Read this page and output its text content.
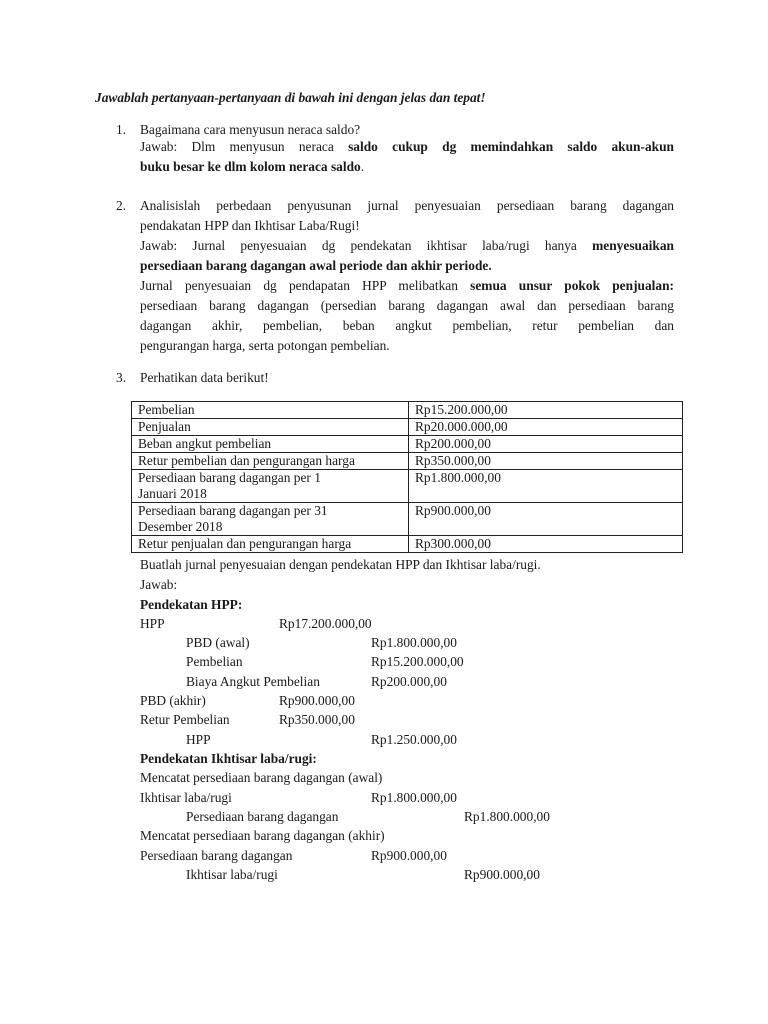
Jawablah pertanyaan-pertanyaan di bawah ini dengan jelas dan tepat!
1. Bagaimana cara menyusun neraca saldo?
Jawab: Dlm menyusun neraca saldo cukup dg memindahkan saldo akun-akun
buku besar ke dlm kolom neraca saldo.
2. Analisislah perbedaan penyusunan jurnal penyesuaian persediaan barang dagangan
pendakatan HPP dan Ikhtisar Laba/Rugi!
Jawab: Jurnal penyesuaian dg pendekatan ikhtisar laba/rugi hanya menyesuaikan
persediaan barang dagangan awal periode dan akhir periode.
Jurnal penyesuaian dg pendapatan HPP melibatkan semua unsur pokok penjualan:
persediaan barang dagangan (persedian barang dagangan awal dan persediaan barang
dagangan akhir, pembelian, beban angkut pembelian, retur pembelian dan
pengurangan harga, serta potongan pembelian.
3. Perhatikan data berikut!
Pembelian	Rp15.200.000,00
Penjualan	Rp20.000.000,00
Beban angkut pembelian	Rp200.000,00
Retur pembelian dan pengurangan harga	Rp350.000,00
Persediaan barang dagangan per 1
Januari 2018	Rp1.800.000,00
Persediaan barang dagangan per 31
Desember 2018	Rp900.000,00
Retur penjualan dan pengurangan harga	Rp300.000,00
Buatlah jurnal penyesuaian dengan pendekatan HPP dan Ikhtisar laba/rugi.
Jawab:
Pendekatan HPP:
HPP	Rp17.200.000,00
PBD (awal)	Rp1.800.000,00
Pembelian	Rp15.200.000,00
Biaya Angkut Pembelian	Rp200.000,00
PBD (akhir)	Rp900.000,00
Retur Pembelian	Rp350.000,00
HPP	Rp1.250.000,00
Pendekatan Ikhtisar laba/rugi:
Mencatat persediaan barang dagangan (awal)
Ikhtisar laba/rugi	Rp1.800.000,00
Persediaan barang dagangan	Rp1.800.000,00
Mencatat persediaan barang dagangan (akhir)
Persediaan barang dagangan	Rp900.000,00
Ikhtisar laba/rugi	Rp900.000,00
